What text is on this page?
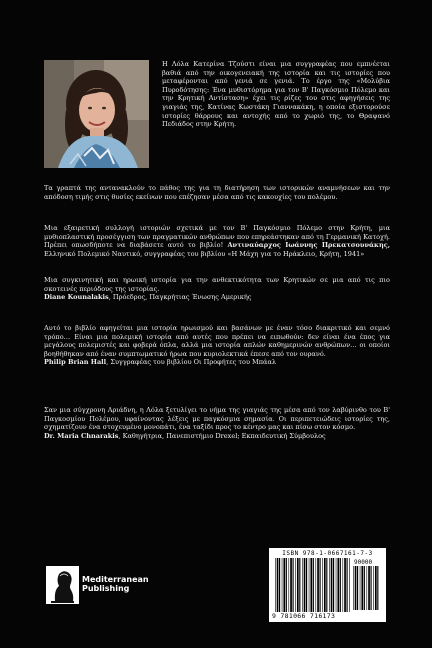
Η Λόλα Κατερίνα Τζούστι είναι μια συγγραφέας που εμπνέεται βαθιά από την οικογενειακή της ιστορία και τις ιστορίες που μεταφέρονται από γενιά σε γενιά. Το έργο της «Μολύβια Πυροδότησης: Ένα μυθιστόρημα για τον Β' Παγκόσμιο Πόλεμο και την Κρητική Αντίσταση» έχει τις ρίζες του στις αφηγήσεις της γιαγιάς της, Κατίνας Κωστάκη Γιαννακάκη, η οποία εξιστορούσε ιστορίες θάρρους και αντοχής από το χωριό της, το Θραψανό Πεδιάδος στην Κρήτη.

Τα γραπτά της αντανακλούν το πάθος της για τη διατήρηση των ιστορικών αναμνήσεων και την απόδοση τιμής στις θυσίες εκείνων που επέζησαν μέσα από τις κακουχίες του πολέμου.

Μια εξαιρετική συλλογή ιστοριών σχετικά με τον Β' Παγκόσμιο Πόλεμο στην Κρήτη, μια μυθιοπλαστική προσέγγιση των πραγματικών ανθρώπων που επηρεάστηκαν από τη Γερμανική Κατοχή. Πρέπει οπωσδήποτε να διαβάσετε αυτό το βιβλίο! Αντιναύαρχος Ιωάννης Πρεκατσουνάκης, Ελληνικό Πολεμικό Ναυτικό, συγγραφέας του βιβλίου «Η Μάχη για το Ηράκλειο, Κρήτη, 1941»

Μια συγκινητική και ηρωική ιστορία για την ανθεκτικότητα των Κρητικών σε μια από τις πιο σκοτεινές περιόδους της ιστορίας.
Diane Kounalakis, Πρόεδρος, Παγκρήτιας Ένωσης Αμερικής

Αυτό το βιβλίο αφηγείται μια ιστορία ηρωισμού και βασάνων με έναν τόσο διακριτικό και σεμνό τρόπο… Είναι μια πολεμική ιστορία από αυτές που πρέπει να ειπωθούν: δεν είναι ένα έπος για μεγάλους πολεμιστές και φοβερά όπλα, αλλά μια ιστορία απλών καθημερινών ανθρώπων… οι οποίοι βοηθήθηκαν από έναν συμπτωματικό ήρωα που κυριολεκτικά έπεσε από τον ουρανό.
Philip Brian Hall, Συγγραφέας του βιβλίου Οι Προφήτες του Μπάαλ

Σαν μια σύγχρονη Αριάδνη, η Λόλα ξετυλίγει το νήμα της γιαγιάς της μέσα από τον λαβύρινθο του Β' Παγκοσμίου Πολέμου, υφαίνοντας λέξεις με παγκόσμια σημασία. Οι περιπετειώδεις ιστορίες της, σχηματίζουν ένα στοχευμένο μονοπάτι, ένα ταξίδι προς το κέντρο μας και πίσω στον κόσμο.
Dr. Maria Chnarakis, Καθηγήτρια, Πανεπιστήμιο Drexel; Εκπαιδευτική Σύμβουλος

Mediterranean
Publishing
ISBN 978-1-0667161-7-3
90000
9 781066 716173
